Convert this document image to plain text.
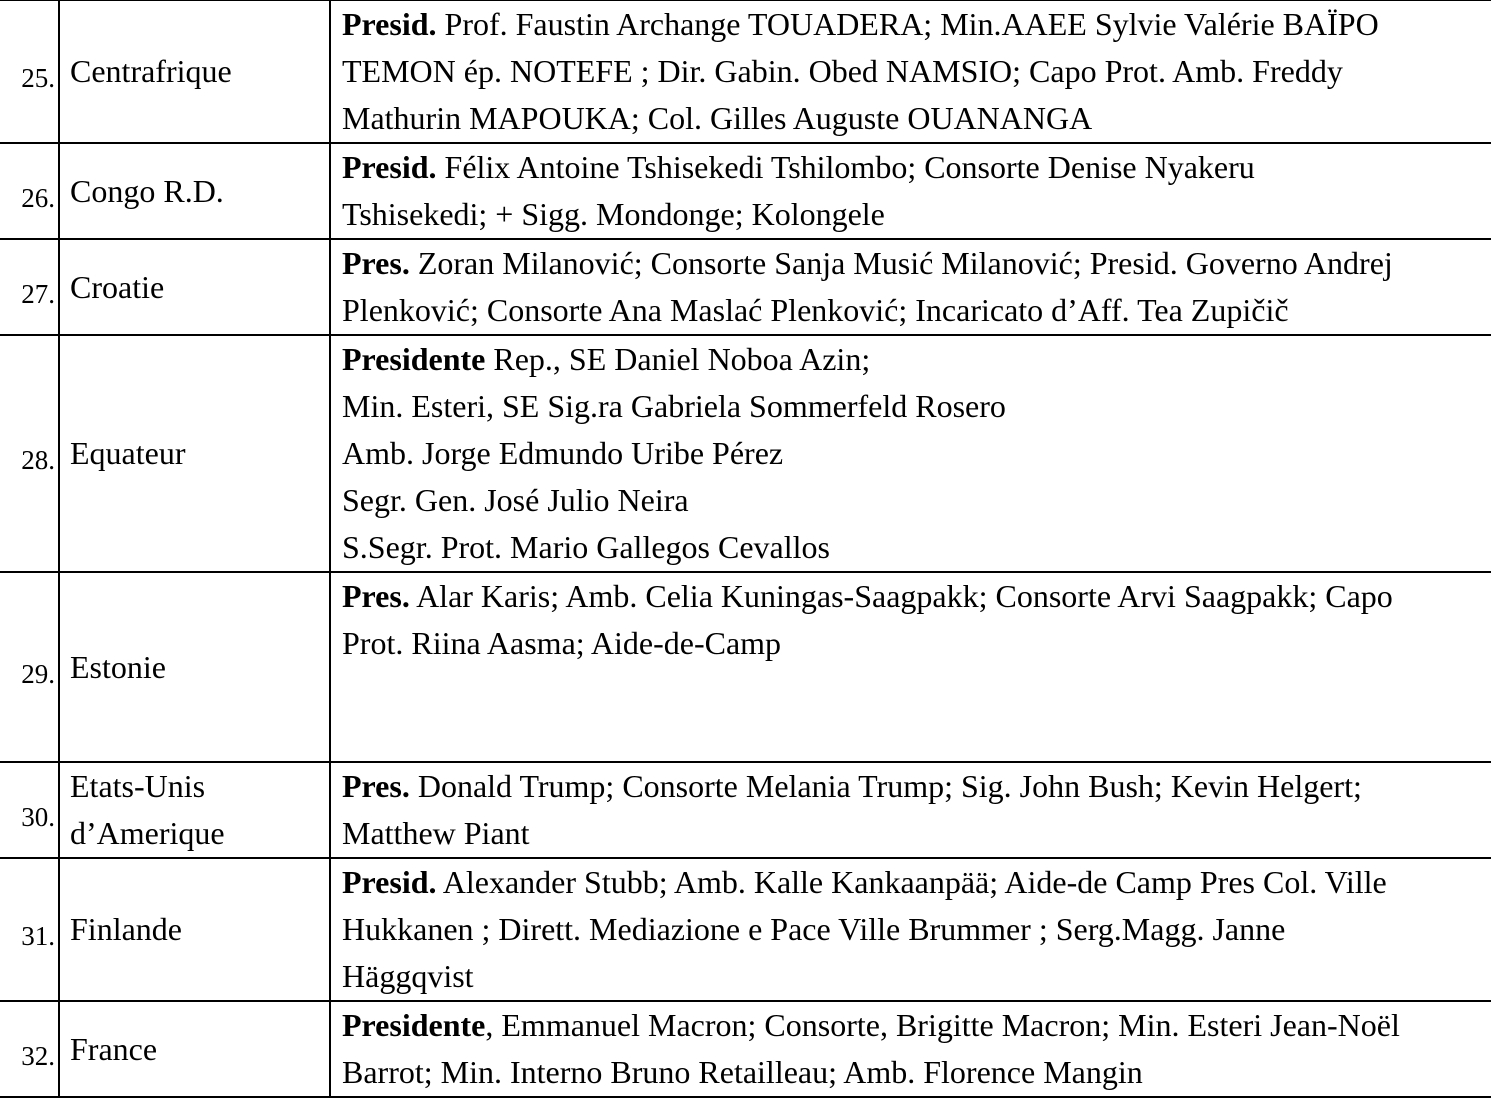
25.	Centrafrique	Presid. Prof. Faustin Archange TOUADERA; Min.AAEE Sylvie Valérie BAÏPO
TEMON ép. NOTEFE ; Dir. Gabin. Obed NAMSIO; Capo Prot. Amb. Freddy
Mathurin MAPOUKA; Col. Gilles Auguste OUANANGA

26.	Congo R.D.	Presid. Félix Antoine Tshisekedi Tshilombo; Consorte Denise Nyakeru
Tshisekedi; + Sigg. Mondonge; Kolongele

27.	Croatie	Pres. Zoran Milanović; Consorte Sanja Musić Milanović; Presid. Governo Andrej
Plenković; Consorte Ana Maslać Plenković; Incaricato d’Aff. Tea Zupičič

28.	Equateur	Presidente Rep., SE Daniel Noboa Azin;
Min. Esteri, SE Sig.ra Gabriela Sommerfeld Rosero
Amb. Jorge Edmundo Uribe Pérez
Segr. Gen. José Julio Neira
S.Segr. Prot. Mario Gallegos Cevallos

29.	Estonie	Pres. Alar Karis; Amb. Celia Kuningas-Saagpakk; Consorte Arvi Saagpakk; Capo
Prot. Riina Aasma; Aide-de-Camp

30.	Etats-Unis
d’Amerique	Pres. Donald Trump; Consorte Melania Trump; Sig. John Bush; Kevin Helgert;
Matthew Piant

31.	Finlande	Presid. Alexander Stubb; Amb. Kalle Kankaanpää; Aide-de Camp Pres Col. Ville
Hukkanen ; Dirett. Mediazione e Pace Ville Brummer ; Serg.Magg. Janne
Häggqvist

32.	France	Presidente, Emmanuel Macron; Consorte, Brigitte Macron; Min. Esteri Jean-Noël
Barrot; Min. Interno Bruno Retailleau; Amb. Florence Mangin
